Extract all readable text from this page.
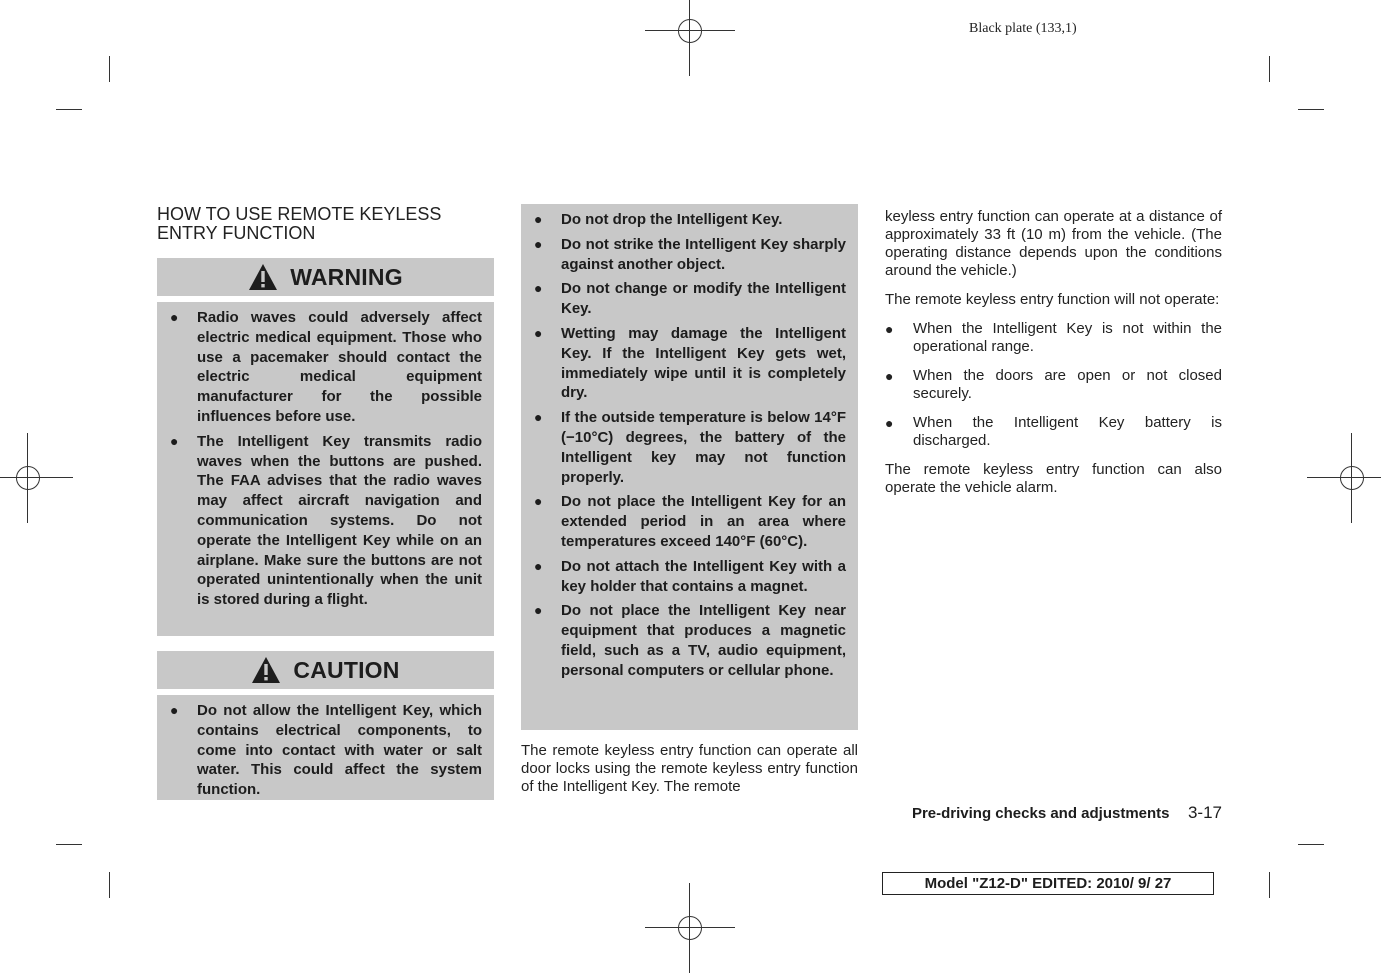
Black plate (133,1)
HOW TO USE REMOTE KEYLESS ENTRY FUNCTION
WARNING
● Radio waves could adversely affect electric medical equipment. Those who use a pacemaker should contact the electric medical equipment manufacturer for the possible influences before use.
● The Intelligent Key transmits radio waves when the buttons are pushed. The FAA advises that the radio waves may affect aircraft navigation and communication systems. Do not operate the Intelligent Key while on an airplane. Make sure the buttons are not operated unintentionally when the unit is stored during a flight.
CAUTION
● Do not allow the Intelligent Key, which contains electrical components, to come into contact with water or salt water. This could affect the system function.
● Do not drop the Intelligent Key.
● Do not strike the Intelligent Key sharply against another object.
● Do not change or modify the Intelligent Key.
● Wetting may damage the Intelligent Key. If the Intelligent Key gets wet, immediately wipe until it is completely dry.
● If the outside temperature is below 14°F (−10°C) degrees, the battery of the Intelligent key may not function properly.
● Do not place the Intelligent Key for an extended period in an area where temperatures exceed 140°F (60°C).
● Do not attach the Intelligent Key with a key holder that contains a magnet.
● Do not place the Intelligent Key near equipment that produces a magnetic field, such as a TV, audio equipment, personal computers or cellular phone.

The remote keyless entry function can operate all door locks using the remote keyless entry function of the Intelligent Key. The remote

keyless entry function can operate at a distance of approximately 33 ft (10 m) from the vehicle. (The operating distance depends upon the conditions around the vehicle.)

The remote keyless entry function will not operate:

● When the Intelligent Key is not within the operational range.
● When the doors are open or not closed securely.
● When the Intelligent Key battery is discharged.

The remote keyless entry function can also operate the vehicle alarm.

Pre-driving checks and adjustments 3-17
Model "Z12-D" EDITED: 2010/ 9/ 27
